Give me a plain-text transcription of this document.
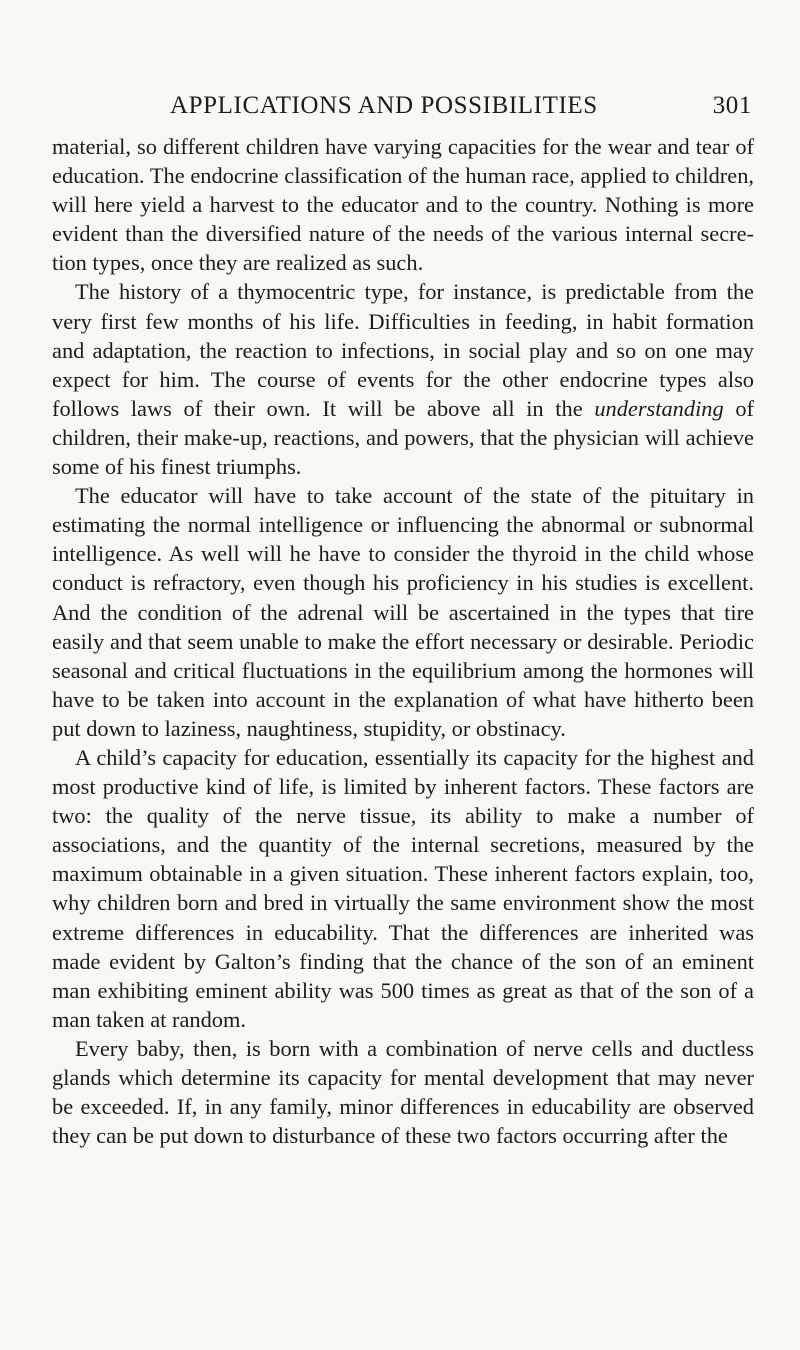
APPLICATIONS AND POSSIBILITIES	301

material, so different children have varying capacities for the wear and tear of education. The endocrine classification of the human race, applied to children, will here yield a harvest to the educator and to the country. Nothing is more evident than the diversified nature of the needs of the various internal secre-tion types, once they are realized as such.

The history of a thymocentric type, for instance, is predictable from the very first few months of his life. Difficulties in feeding, in habit formation and adaptation, the reaction to infections, in social play and so on one may expect for him. The course of events for the other endocrine types also follows laws of their own. It will be above all in the understanding of children, their make-up, reactions, and powers, that the physician will achieve some of his finest triumphs.

The educator will have to take account of the state of the pituitary in estimating the normal intelligence or influencing the abnormal or subnormal intelligence. As well will he have to consider the thyroid in the child whose conduct is refractory, even though his proficiency in his studies is excellent. And the condition of the adrenal will be ascertained in the types that tire easily and that seem unable to make the effort necessary or desirable. Periodic seasonal and critical fluctuations in the equilibrium among the hormones will have to be taken into account in the explanation of what have hitherto been put down to laziness, naughtiness, stupidity, or obstinacy.

A child’s capacity for education, essentially its capacity for the highest and most productive kind of life, is limited by inherent factors. These factors are two: the quality of the nerve tissue, its ability to make a number of associations, and the quantity of the internal secretions, measured by the maximum obtainable in a given situation. These inherent factors explain, too, why children born and bred in virtually the same environment show the most extreme differences in educability. That the differences are inherited was made evident by Galton’s finding that the chance of the son of an eminent man exhibiting eminent ability was 500 times as great as that of the son of a man taken at random.

Every baby, then, is born with a combination of nerve cells and ductless glands which determine its capacity for mental development that may never be exceeded. If, in any family, minor differences in educability are observed they can be put down to disturbance of these two factors occurring after the
